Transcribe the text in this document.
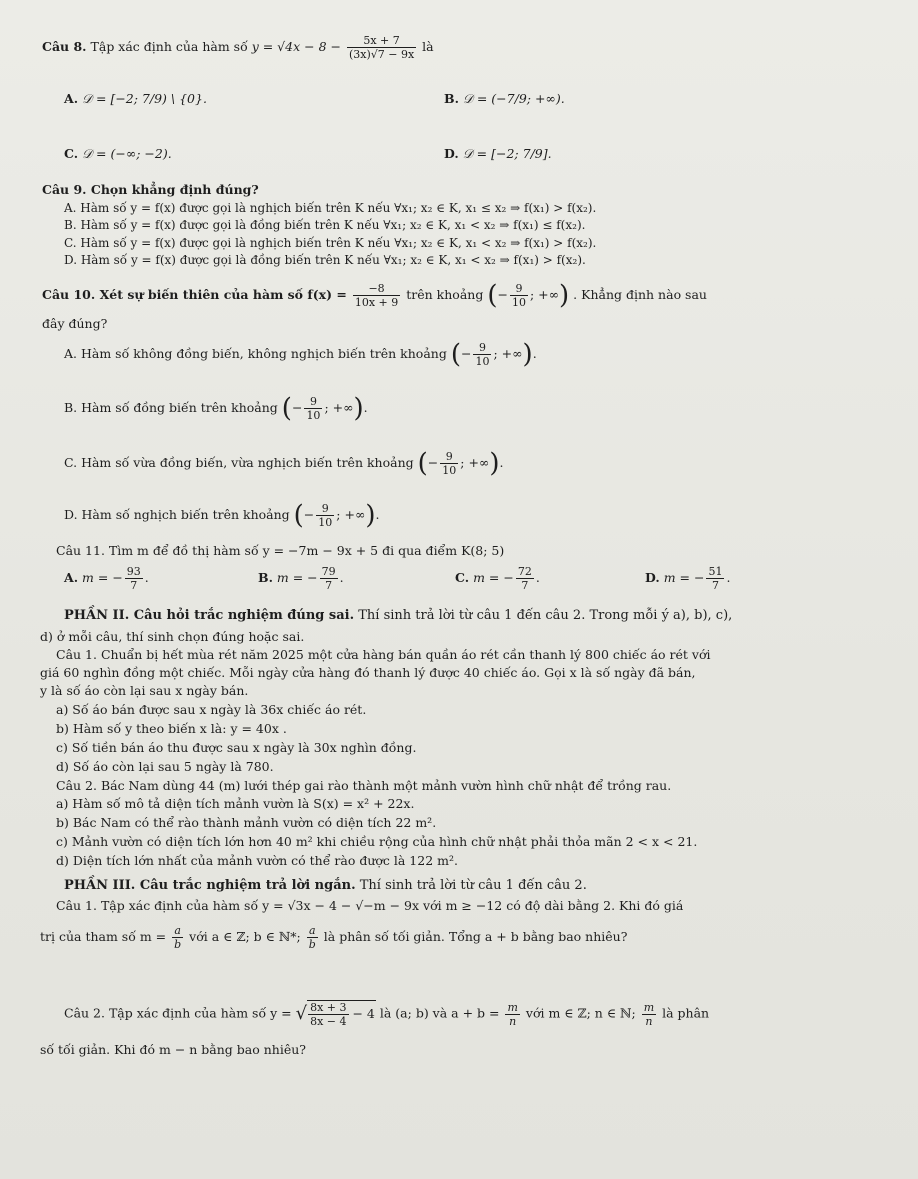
Câu 8. Tập xác định của hàm số $y = √4x - 8 - \frac{5x + 7}{(3x)√7 - 9x}$ là
A. 𝒟 = [−2; 7/9) \ {0}.	B. 𝒟 = (−7/9; +∞).
C. 𝒟 = (−∞; −2).	D. 𝒟 = [−2; 7/9].
Câu 9. Chọn khẳng định đúng?
A. Hàm số y = f(x) được gọi là nghịch biến trên K nếu ∀x₁; x₂ ∈ K, x₁ ≤ x₂ ⇒ f(x₁) > f(x₂).
B. Hàm số y = f(x) được gọi là đồng biến trên K nếu ∀x₁; x₂ ∈ K, x₁ < x₂ ⇒ f(x₁) ≤ f(x₂).
C. Hàm số y = f(x) được gọi là nghịch biến trên K nếu ∀x₁; x₂ ∈ K, x₁ < x₂ ⇒ f(x₁) > f(x₂).
D. Hàm số y = f(x) được gọi là đồng biến trên K nếu ∀x₁; x₂ ∈ K, x₁ < x₂ ⇒ f(x₁) > f(x₂).
Câu 10. Xét sự biến thiên của hàm số $f(x) = \frac{-8}{10x + 9}$ trên khoảng (− $\frac{9}{10}$ ; +∞) . Khẳng định nào sau
đây đúng?
A. Hàm số không đồng biến, không nghịch biến trên khoảng (− $\frac{9}{10}$ ; +∞).
B. Hàm số đồng biến trên khoảng (− $\frac{9}{10}$ ; +∞).
C. Hàm số vừa đồng biến, vừa nghịch biến trên khoảng (− $\frac{9}{10}$ ; +∞).
D. Hàm số nghịch biến trên khoảng (− $\frac{9}{10}$ ; +∞).
Câu 11. Tìm m để đồ thị hàm số y = −7m − 9x + 5 đi qua điểm K(8; 5)
A. m = − $\frac{93}{7}$ .	B. m = − $\frac{79}{7}$ .	C. m = − $\frac{72}{7}$ .	D. m = − $\frac{51}{7}$ .
PHẦN II. Câu hỏi trắc nghiệm đúng sai. Thí sinh trả lời từ câu 1 đến câu 2. Trong mỗi ý a), b), c),
d) ở mỗi câu, thí sinh chọn đúng hoặc sai.
Câu 1. Chuẩn bị hết mùa rét năm 2025 một cửa hàng bán quần áo rét cần thanh lý 800 chiếc áo rét với
giá 60 nghìn đồng một chiếc. Mỗi ngày cửa hàng đó thanh lý được 40 chiếc áo. Gọi x là số ngày đã bán,
y là số áo còn lại sau x ngày bán.
a) Số áo bán được sau x ngày là 36x chiếc áo rét.
b) Hàm số y theo biến x là: y = 40x .
c) Số tiền bán áo thu được sau x ngày là 30x nghìn đồng.
d) Số áo còn lại sau 5 ngày là 780.
Câu 2. Bác Nam dùng 44 (m) lưới thép gai rào thành một mảnh vườn hình chữ nhật để trồng rau.
a) Hàm số mô tả diện tích mảnh vườn là S(x) = x² + 22x.
b) Bác Nam có thể rào thành mảnh vườn có diện tích 22 m².
c) Mảnh vườn có diện tích lớn hơn 40 m² khi chiều rộng của hình chữ nhật phải thỏa mãn 2 < x < 21.
d) Diện tích lớn nhất của mảnh vườn có thể rào được là 122 m².
PHẦN III. Câu trắc nghiệm trả lời ngắn. Thí sinh trả lời từ câu 1 đến câu 2.
Câu 1. Tập xác định của hàm số y = √3x − 4 − √−m − 9x với m ≥ −12 có độ dài bằng 2. Khi đó giá
trị của tham số $m = \frac{a}{b}$ với a ∈ ℤ; b ∈ ℕ*; $\frac{a}{b}$ là phân số tối giản. Tổng a + b bằng bao nhiêu?
Câu 2. Tập xác định của hàm số y = √ $\frac{8x + 3}{8x - 4} - 4$ là (a; b) và $a + b = \frac{m}{n}$ với m ∈ ℤ; n ∈ ℕ; $\frac{m}{n}$ là phân
số tối giản. Khi đó m − n bằng bao nhiêu?
